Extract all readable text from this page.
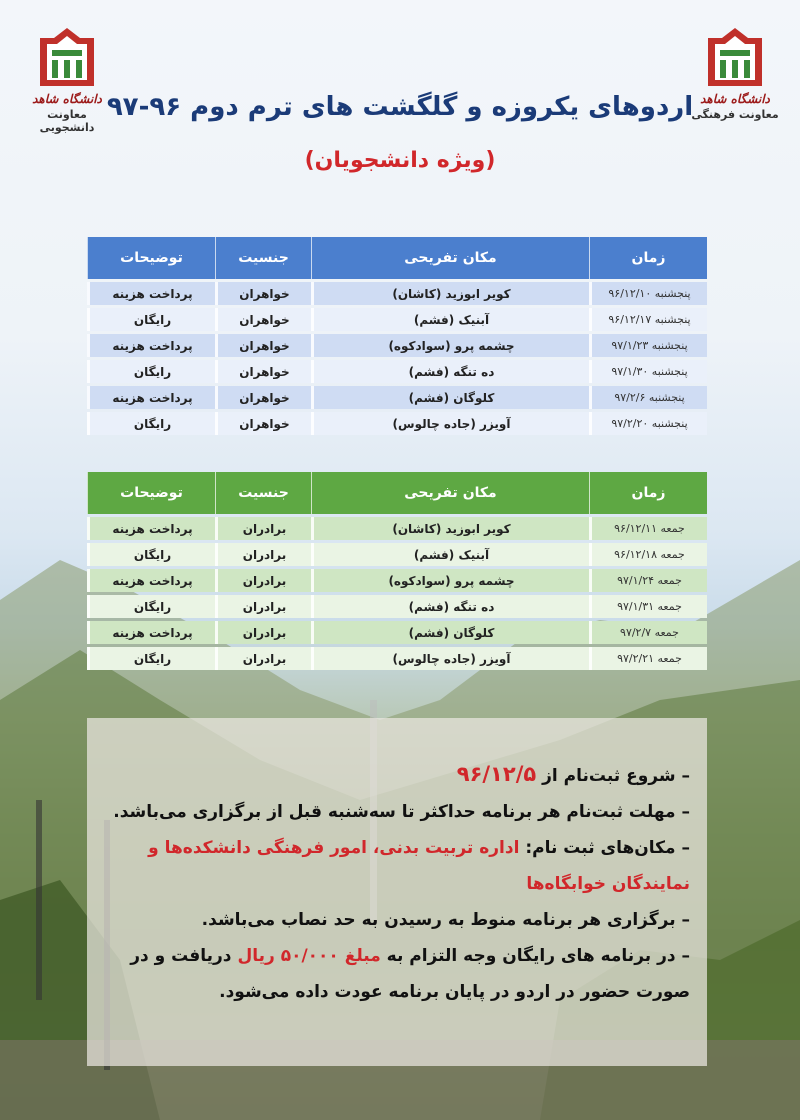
دانشگاه شاهد
معاونت دانشجویی
دانشگاه شاهد
معاونت فرهنگی
اردوهای یکروزه و گلگشت های ترم دوم ۹۶-۹۷
(ویژه دانشجویان)
زمان	مکان تفریحی	جنسیت	توضیحات
پنجشنبه ۹۶/۱۲/۱۰	کویر ابوزید (کاشان)	خواهران	پرداخت هزینه
پنجشنبه ۹۶/۱۲/۱۷	آبنیک (فشم)	خواهران	رایگان
پنجشنبه ۹۷/۱/۲۳	چشمه پرو (سوادکوه)	خواهران	پرداخت هزینه
پنجشنبه ۹۷/۱/۳۰	ده تنگه (فشم)	خواهران	رایگان
پنجشنبه ۹۷/۲/۶	کلوگان (فشم)	خواهران	پرداخت هزینه
پنجشنبه ۹۷/۲/۲۰	آویزر (جاده چالوس)	خواهران	رایگان
زمان	مکان تفریحی	جنسیت	توضیحات
جمعه ۹۶/۱۲/۱۱	کویر ابوزید (کاشان)	برادران	پرداخت هزینه
جمعه ۹۶/۱۲/۱۸	آبنیک (فشم)	برادران	رایگان
جمعه ۹۷/۱/۲۴	چشمه پرو (سوادکوه)	برادران	پرداخت هزینه
جمعه ۹۷/۱/۳۱	ده تنگه (فشم)	برادران	رایگان
جمعه ۹۷/۲/۷	کلوگان (فشم)	برادران	پرداخت هزینه
جمعه ۹۷/۲/۲۱	آویزر (جاده چالوس)	برادران	رایگان
– شروع ثبت‌نام از ۹۶/۱۲/۵
– مهلت ثبت‌نام هر برنامه حداکثر تا سه‌شنبه قبل از برگزاری می‌باشد.
– مکان‌های ثبت نام: اداره تربیت بدنی، امور فرهنگی دانشکده‌ها و نمایندگان خوابگاه‌ها
– برگزاری هر برنامه منوط به رسیدن به حد نصاب می‌باشد.
– در برنامه های رایگان وجه التزام به مبلغ ۵۰/۰۰۰ ریال دریافت و در صورت حضور در اردو در پایان برنامه عودت داده می‌شود.
